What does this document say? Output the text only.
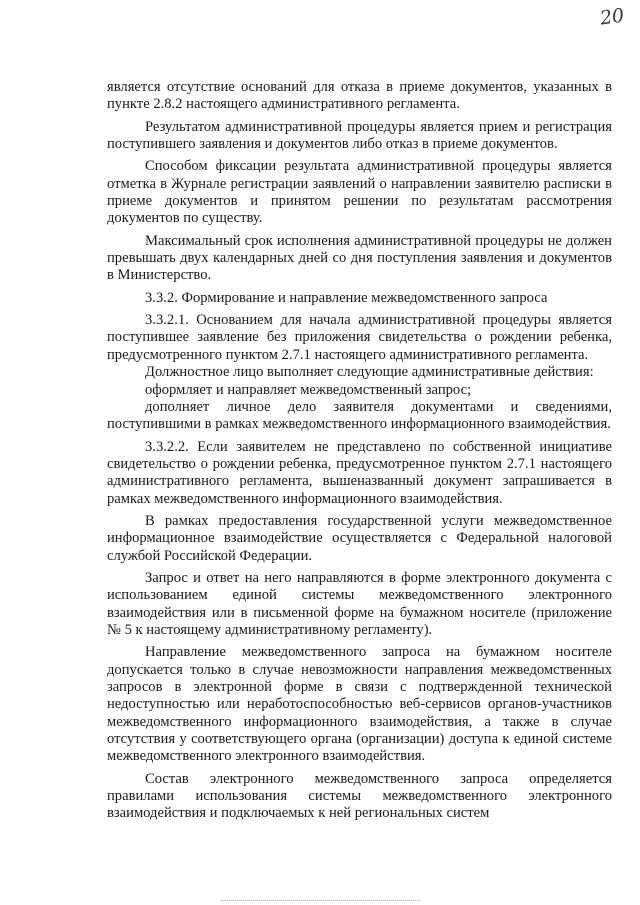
20

является отсутствие оснований для отказа в приеме документов, указанных в пункте 2.8.2 настоящего административного регламента.

Результатом административной процедуры является прием и регистрация поступившего заявления и документов либо отказ в приеме документов.

Способом фиксации результата административной процедуры является отметка в Журнале регистрации заявлений о направлении заявителю расписки в приеме документов и принятом решении по результатам рассмотрения документов по существу.

Максимальный срок исполнения административной процедуры не должен превышать двух календарных дней со дня поступления заявления и документов в Министерство.

3.3.2. Формирование и направление межведомственного запроса

3.3.2.1. Основанием для начала административной процедуры является поступившее заявление без приложения свидетельства о рождении ребенка, предусмотренного пунктом 2.7.1 настоящего административного регламента.

Должностное лицо выполняет следующие административные действия:

оформляет и направляет межведомственный запрос;

дополняет личное дело заявителя документами и сведениями, поступившими в рамках межведомственного информационного взаимодействия.

3.3.2.2. Если заявителем не представлено по собственной инициативе свидетельство о рождении ребенка, предусмотренное пунктом 2.7.1 настоящего административного регламента, вышеназванный документ запрашивается в рамках межведомственного информационного взаимодействия.

В рамках предоставления государственной услуги межведомственное информационное взаимодействие осуществляется с Федеральной налоговой службой Российской Федерации.

Запрос и ответ на него направляются в форме электронного документа с использованием единой системы межведомственного электронного взаимодействия или в письменной форме на бумажном носителе (приложение № 5 к настоящему административному регламенту).

Направление межведомственного запроса на бумажном носителе допускается только в случае невозможности направления межведомственных запросов в электронной форме в связи с подтвержденной технической недоступностью или неработоспособностью веб-сервисов органов-участников межведомственного информационного взаимодействия, а также в случае отсутствия у соответствующего органа (организации) доступа к единой системе межведомственного электронного взаимодействия.

Состав электронного межведомственного запроса определяется правилами использования системы межведомственного электронного взаимодействия и подключаемых к ней региональных систем
